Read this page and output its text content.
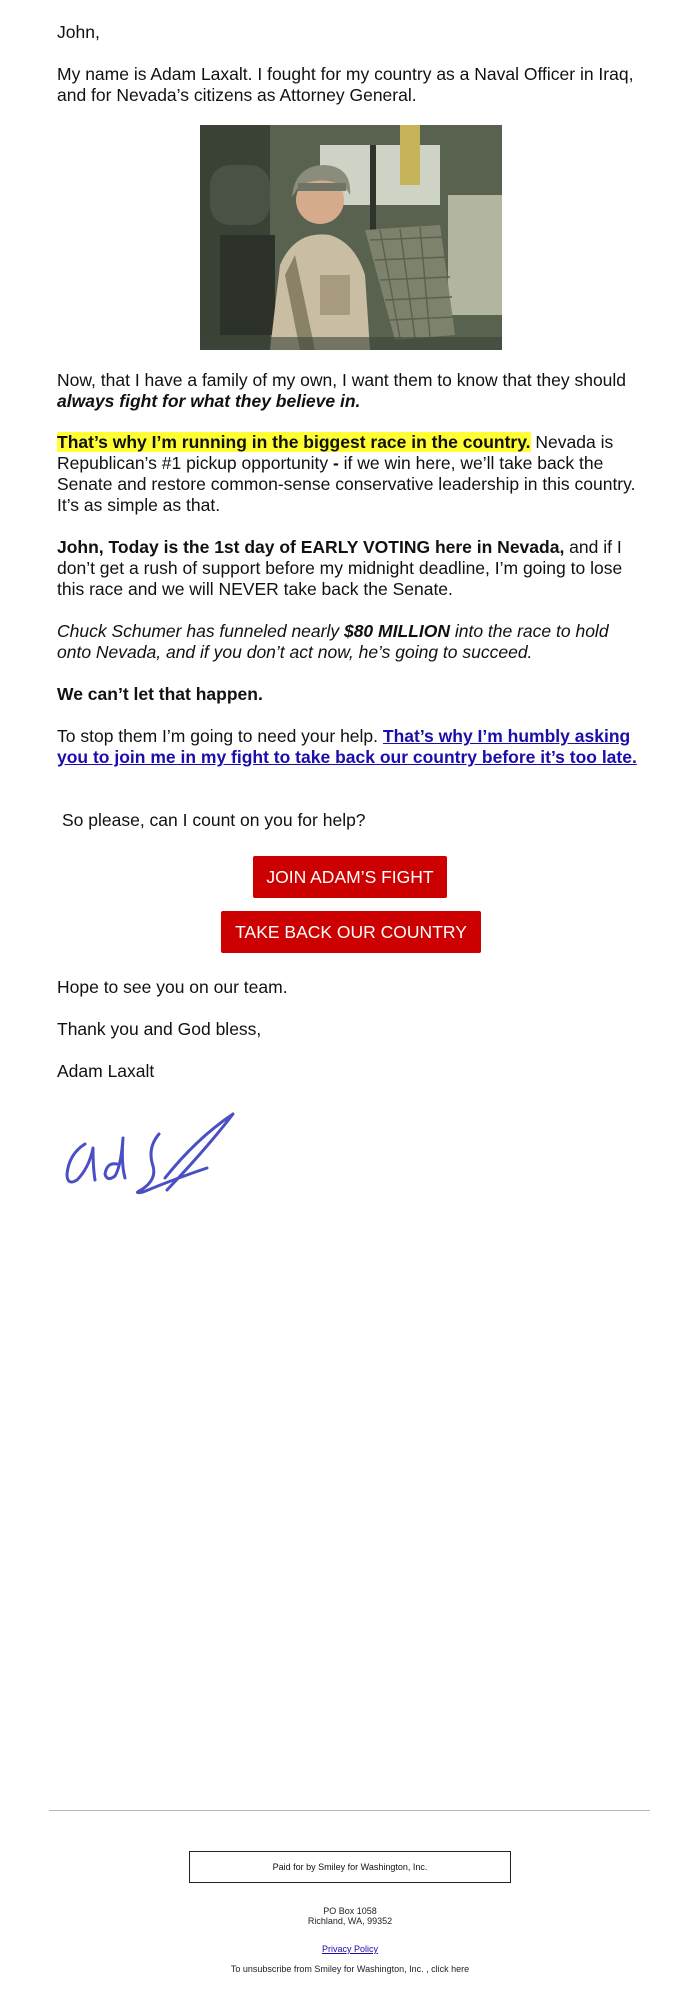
John,

My name is Adam Laxalt. I fought for my country as a Naval Officer in Iraq, and for Nevada’s citizens as Attorney General.

Now, that I have a family of my own, I want them to know that they should always fight for what they believe in.

That’s why I’m running in the biggest race in the country. Nevada is Republican’s #1 pickup opportunity - if we win here, we’ll take back the Senate and restore common-sense conservative leadership in this country. It’s as simple as that.

John, Today is the 1st day of EARLY VOTING here in Nevada, and if I don’t get a rush of support before my midnight deadline, I’m going to lose this race and we will NEVER take back the Senate.

Chuck Schumer has funneled nearly $80 MILLION into the race to hold onto Nevada, and if you don’t act now, he’s going to succeed.

We can’t let that happen.

To stop them I’m going to need your help. That’s why I’m humbly asking you to join me in my fight to take back our country before it’s too late.

So please, can I count on you for help?

JOIN ADAM’S FIGHT
TAKE BACK OUR COUNTRY

Hope to see you on our team.

Thank you and God bless,

Adam Laxalt

Paid for by Smiley for Washington, Inc.
PO Box 1058
Richland, WA, 99352
Privacy Policy
To unsubscribe from Smiley for Washington, Inc. , click here
